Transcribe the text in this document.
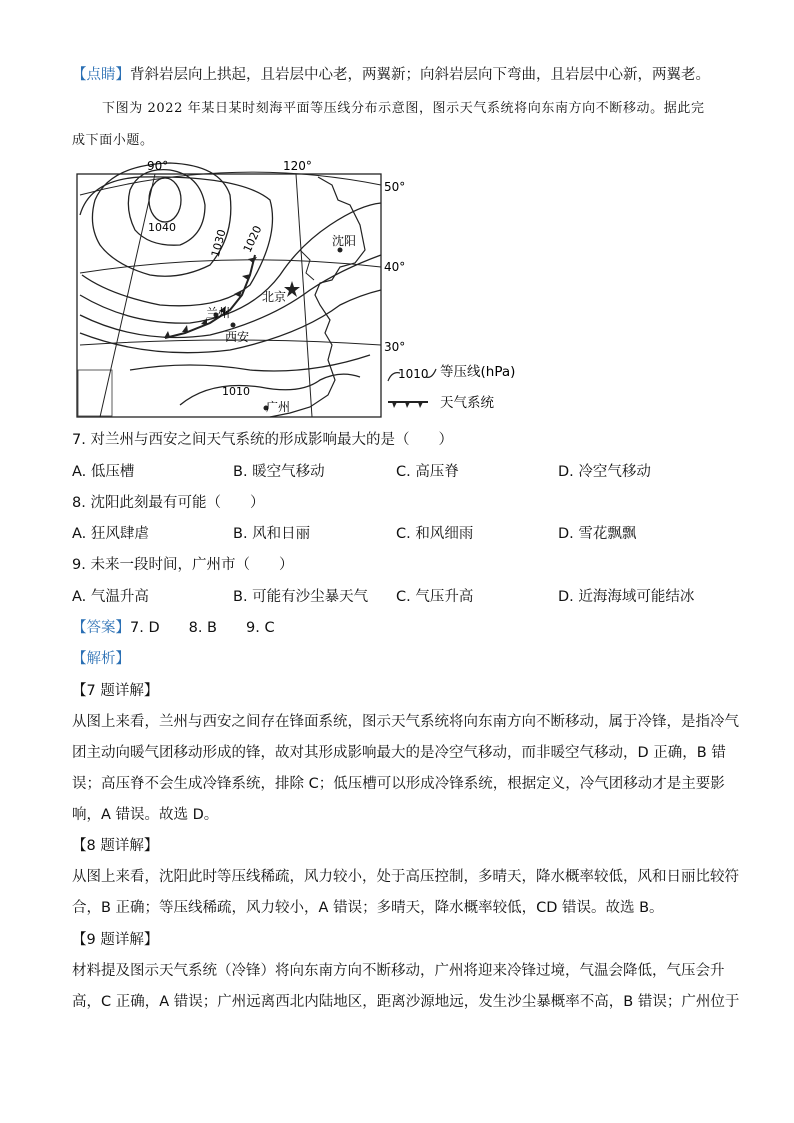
【点睛】背斜岩层向上拱起，且岩层中心老，两翼新；向斜岩层向下弯曲，且岩层中心新，两翼老。
下图为 2022 年某日某时刻海平面等压线分布示意图，图示天气系统将向东南方向不断移动。据此完
成下面小题。
90°	120°
50°
40°
30°
1040
1030 1020
1010
沈阳
北京
兰州
西安
广州
1010 等压线(hPa)
天气系统
7. 对兰州与西安之间天气系统的形成影响最大的是（　　）
A. 低压槽	B. 暖空气移动	C. 高压脊	D. 冷空气移动
8. 沈阳此刻最有可能（　　）
A. 狂风肆虐	B. 风和日丽	C. 和风细雨	D. 雪花飘飘
9. 未来一段时间，广州市（　　）
A. 气温升高	B. 可能有沙尘暴天气 C. 气压升高	D. 近海海域可能结冰
【答案】7. D　　8. B　　9. C
【解析】
【7 题详解】
从图上来看，兰州与西安之间存在锋面系统，图示天气系统将向东南方向不断移动，属于冷锋，是指冷气
团主动向暖气团移动形成的锋，故对其形成影响最大的是冷空气移动，而非暖空气移动，D 正确，B 错
误；高压脊不会生成冷锋系统，排除 C；低压槽可以形成冷锋系统，根据定义，冷气团移动才是主要影
响，A 错误。故选 D。
【8 题详解】
从图上来看，沈阳此时等压线稀疏，风力较小，处于高压控制，多晴天，降水概率较低，风和日丽比较符
合，B 正确；等压线稀疏，风力较小，A 错误；多晴天，降水概率较低，CD 错误。故选 B。
【9 题详解】
材料提及图示天气系统（冷锋）将向东南方向不断移动，广州将迎来冷锋过境，气温会降低，气压会升
高，C 正确，A 错误；广州远离西北内陆地区，距离沙源地远，发生沙尘暴概率不高，B 错误；广州位于
